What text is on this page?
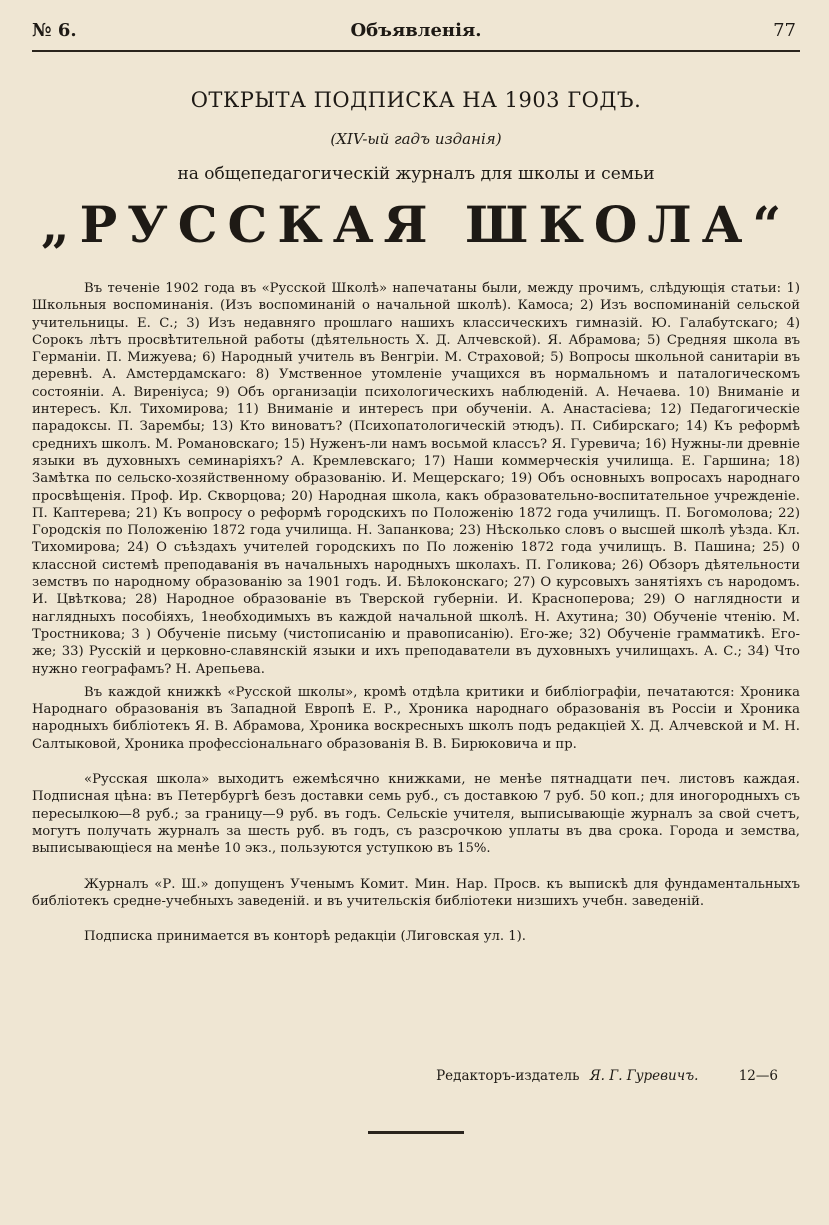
№ 6.	Объявленія.	77
ОТКРЫТА ПОДПИСКА НА 1903 ГОДЪ.
(XIV-ый гадъ изданія)
на общепедагогическій журналъ для школы и семьи
„РУССКАЯ ШКОЛА“

Въ теченіе 1902 года въ «Русской Школѣ» напечатаны были, между прочимъ, слѣдующія статьи: 1) Школьныя воспоминанія. (Изъ воспоминаній о начальной школѣ). Камоса; 2) Изъ воспоминаній сельской учительницы. Е. С.; 3) Изъ недавняго прошлаго нашихъ классическихъ гимназій. Ю. Галабутскаго; 4) Сорокъ лѣтъ просвѣтительной работы (дѣятельность Х. Д. Алчевской). Я. Абрамова; 5) Средняя школа въ Германіи. П. Мижуева; 6) Народный учитель въ Венгріи. М. Страховой; 5) Вопросы школьной санитаріи въ деревнѣ. А. Амстердамскаго: 8) Умственное утомленіе учащихся въ нормальномъ и паталогическомъ состояніи. А. Виреніуса; 9) Объ организаціи психологическихъ наблюденій. А. Нечаева. 10) Вниманіе и интересъ. Кл. Тихомирова; 11) Вниманіе и интересъ при обученіи. А. Анастасіева; 12) Педагогическіе парадоксы. П. Зарембы; 13) Кто виноватъ? (Психопатологическій этюдъ). П. Сибирскаго; 14) Къ реформѣ среднихъ школъ. М. Романовскаго; 15) Нуженъ-ли намъ восьмой классъ? Я. Гуревича; 16) Нужны-ли древніе языки въ духовныхъ семинаріяхъ? А. Кремлевскаго; 17) Наши коммерческія училища. Е. Гаршина; 18) Замѣтка по сельско-хозяйственному образованію. И. Мещерскаго; 19) Объ основныхъ вопросахъ народнаго просвѣщенія. Проф. Ир. Скворцова; 20) Народная школа, какъ образовательно-воспитательное учрежденіе. П. Каптерева; 21) Къ вопросу о реформѣ городскихъ по Положенію 1872 года училищъ. П. Богомолова; 22) Городскія по Положенію 1872 года училища. Н. Запанкова; 23) Нѣсколько словъ о высшей школѣ уѣзда. Кл. Тихомирова; 24) О съѣздахъ учителей городскихъ по По ложенію 1872 года училищъ. В. Пашина; 25) 0 классной системѣ преподаванія въ начальныхъ народныхъ школахъ. П. Голикова; 26) Обзоръ дѣятельности земствъ по народному образованію за 1901 годъ. И. Бѣлоконскаго; 27) О курсовыхъ занятіяхъ съ народомъ. И. Цвѣткова; 28) Народное образованіе въ Тверской губерніи. И. Красноперова; 29) О наглядности и наглядныхъ пособіяхъ, 1необходимыхъ въ каждой начальной школѣ. Н. Ахутина; 30) Обученіе чтенію. М. Тростникова; 3 ) Обученіе письму (чистописанію и правописанію). Его-же; 32) Обученіе грамматикѣ. Его-же; 33) Русскій и церковно-славянскій языки и ихъ преподаватели въ духовныхъ училищахъ. А. С.; 34) Что нужно географамъ? Н. Арепьева.

Въ каждой книжкѣ «Русской школы», кромѣ отдѣла критики и библіографіи, печатаются: Хроника Народнаго образованія въ Западной Европѣ Е. Р., Хроника народнаго образованія въ Россіи и Хроника народныхъ библіотекъ Я. В. Абрамова, Хроника воскресныхъ школъ подъ редакціей Х. Д. Алчевской и М. Н. Салтыковой, Хроника профессіональнаго образованія В. В. Бирюковича и пр.

«Русская школа» выходитъ ежемѣсячно книжками, не менѣе пятнадцати печ. листовъ каждая. Подписная цѣна: въ Петербургѣ безъ доставки семь руб., съ доставкою 7 руб. 50 коп.; для иногородныхъ съ пересылкою—8 руб.; за границу—9 руб. въ годъ. Сельскіе учителя, выписывающіе журналъ за свой счетъ, могутъ получать журналъ за шесть руб. въ годъ, съ разсрочкою уплаты въ два срока. Города и земства, выписывающіеся на менѣе 10 экз., пользуются уступкою въ 15%.

Журналъ «Р. Ш.» допущенъ Ученымъ Комит. Мин. Нар. Просв. къ выпискѣ для фундаментальныхъ библіотекъ средне-учебныхъ заведеній. и въ учительскія библіотеки низшихъ учебн. заведеній.

Подписка принимается въ конторѣ редакціи (Лиговская ул. 1).

Редакторъ-издатель Я. Г. Гуревичъ.	12—6
